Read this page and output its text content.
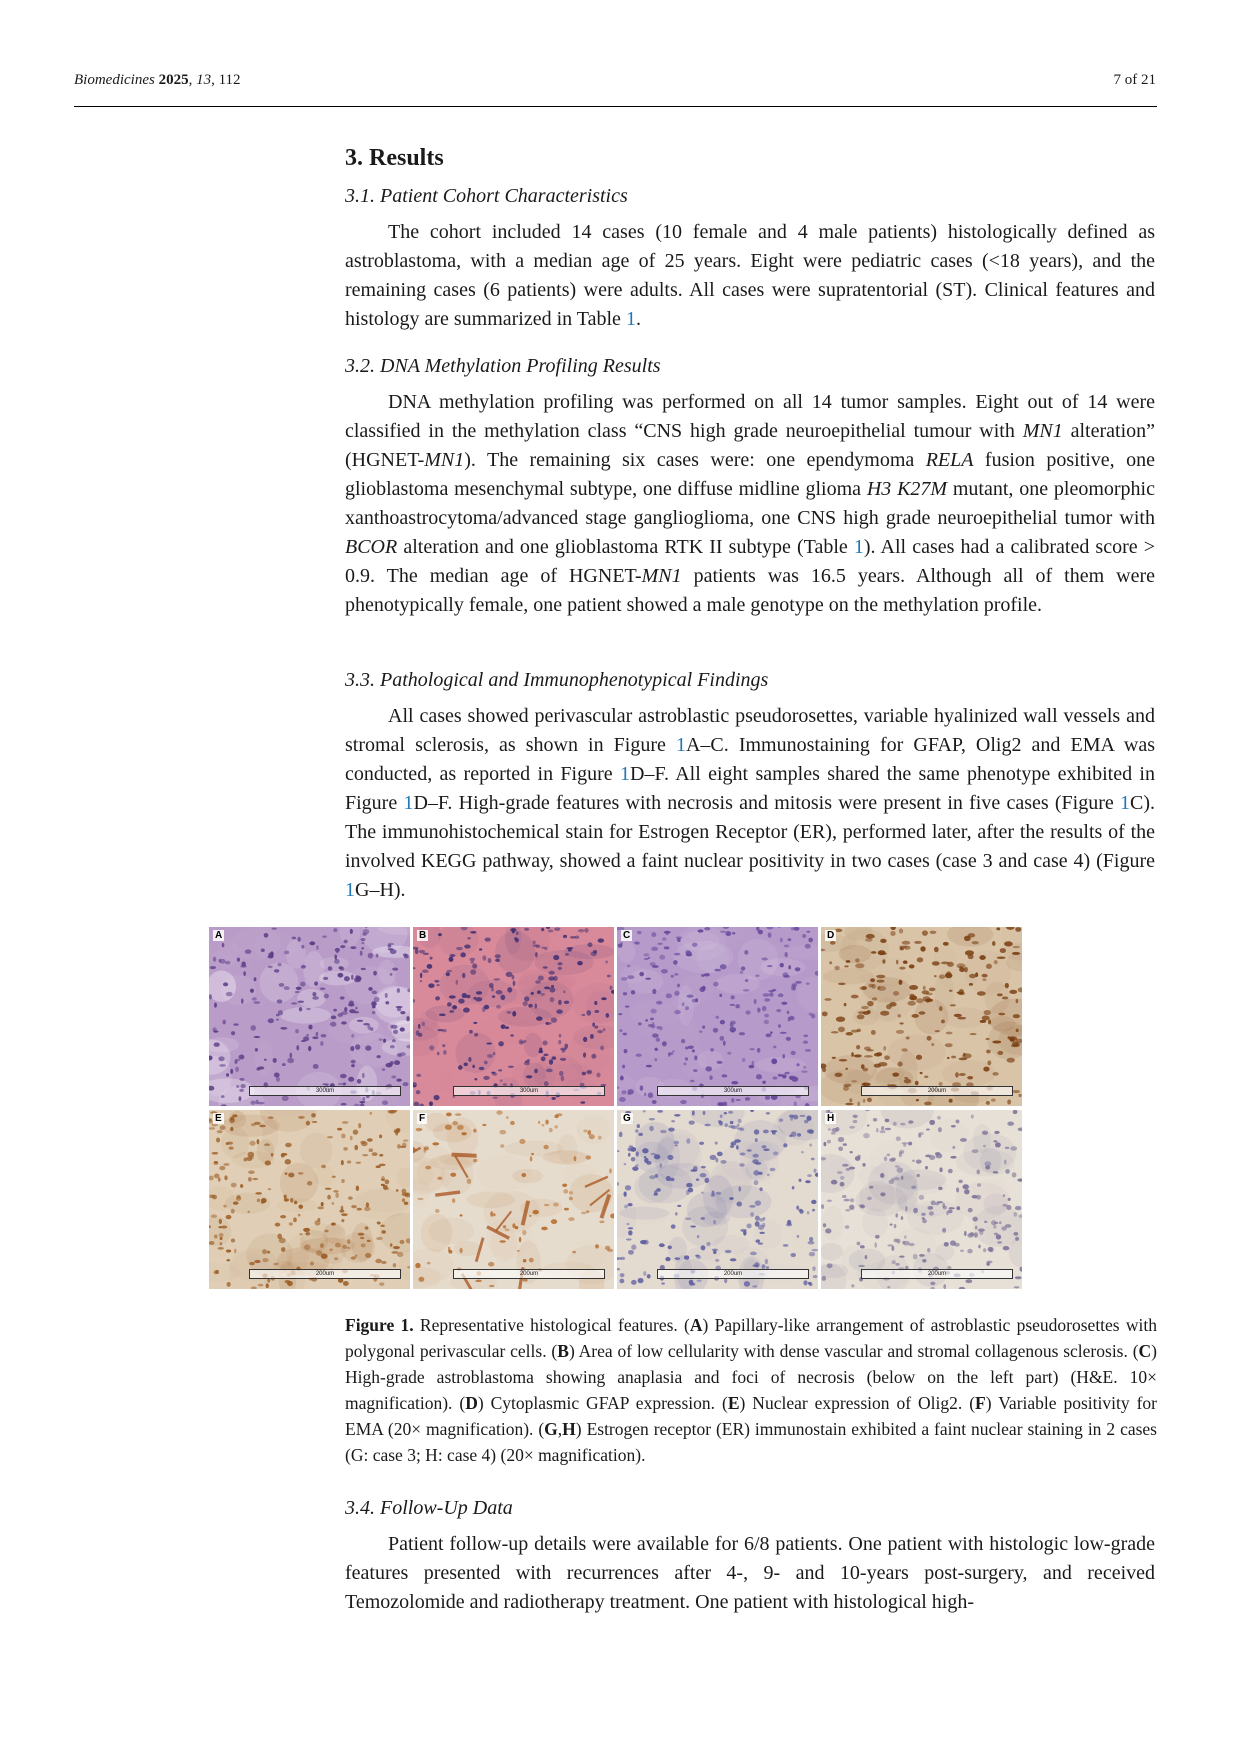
Biomedicines 2025, 13, 112	7 of 21
3. Results
3.1. Patient Cohort Characteristics

The cohort included 14 cases (10 female and 4 male patients) histologically defined as astroblastoma, with a median age of 25 years. Eight were pediatric cases (<18 years), and the remaining cases (6 patients) were adults. All cases were supratentorial (ST). Clinical features and histology are summarized in Table 1.

3.2. DNA Methylation Profiling Results

DNA methylation profiling was performed on all 14 tumor samples. Eight out of 14 were classified in the methylation class “CNS high grade neuroepithelial tumour with MN1 alteration” (HGNET-MN1). The remaining six cases were: one ependymoma RELA fusion positive, one glioblastoma mesenchymal subtype, one diffuse midline glioma H3 K27M mutant, one pleomorphic xanthoastrocytoma/advanced stage ganglioglioma, one CNS high grade neuroepithelial tumor with BCOR alteration and one glioblastoma RTK II subtype (Table 1). All cases had a calibrated score > 0.9. The median age of HGNET-MN1 patients was 16.5 years. Although all of them were phenotypically female, one patient showed a male genotype on the methylation profile.

3.3. Pathological and Immunophenotypical Findings

All cases showed perivascular astroblastic pseudorosettes, variable hyalinized wall vessels and stromal sclerosis, as shown in Figure 1A–C. Immunostaining for GFAP, Olig2 and EMA was conducted, as reported in Figure 1D–F. All eight samples shared the same phenotype exhibited in Figure 1D–F. High-grade features with necrosis and mitosis were present in five cases (Figure 1C). The immunohistochemical stain for Estrogen Receptor (ER), performed later, after the results of the involved KEGG pathway, showed a faint nuclear positivity in two cases (case 3 and case 4) (Figure 1G–H).

A
300um
B
300um
C
300um
D
200um
E
200um
F
200um
G
200um
H
200um

Figure 1. Representative histological features. (A) Papillary-like arrangement of astroblastic pseudorosettes with polygonal perivascular cells. (B) Area of low cellularity with dense vascular and stromal collagenous sclerosis. (C) High-grade astroblastoma showing anaplasia and foci of necrosis (below on the left part) (H&E. 10× magnification). (D) Cytoplasmic GFAP expression. (E) Nuclear expression of Olig2. (F) Variable positivity for EMA (20× magnification). (G,H) Estrogen receptor (ER) immunostain exhibited a faint nuclear staining in 2 cases (G: case 3; H: case 4) (20× magnification).

3.4. Follow-Up Data

Patient follow-up details were available for 6/8 patients. One patient with histologic low-grade features presented with recurrences after 4-, 9- and 10-years post-surgery, and received Temozolomide and radiotherapy treatment. One patient with histological high-
